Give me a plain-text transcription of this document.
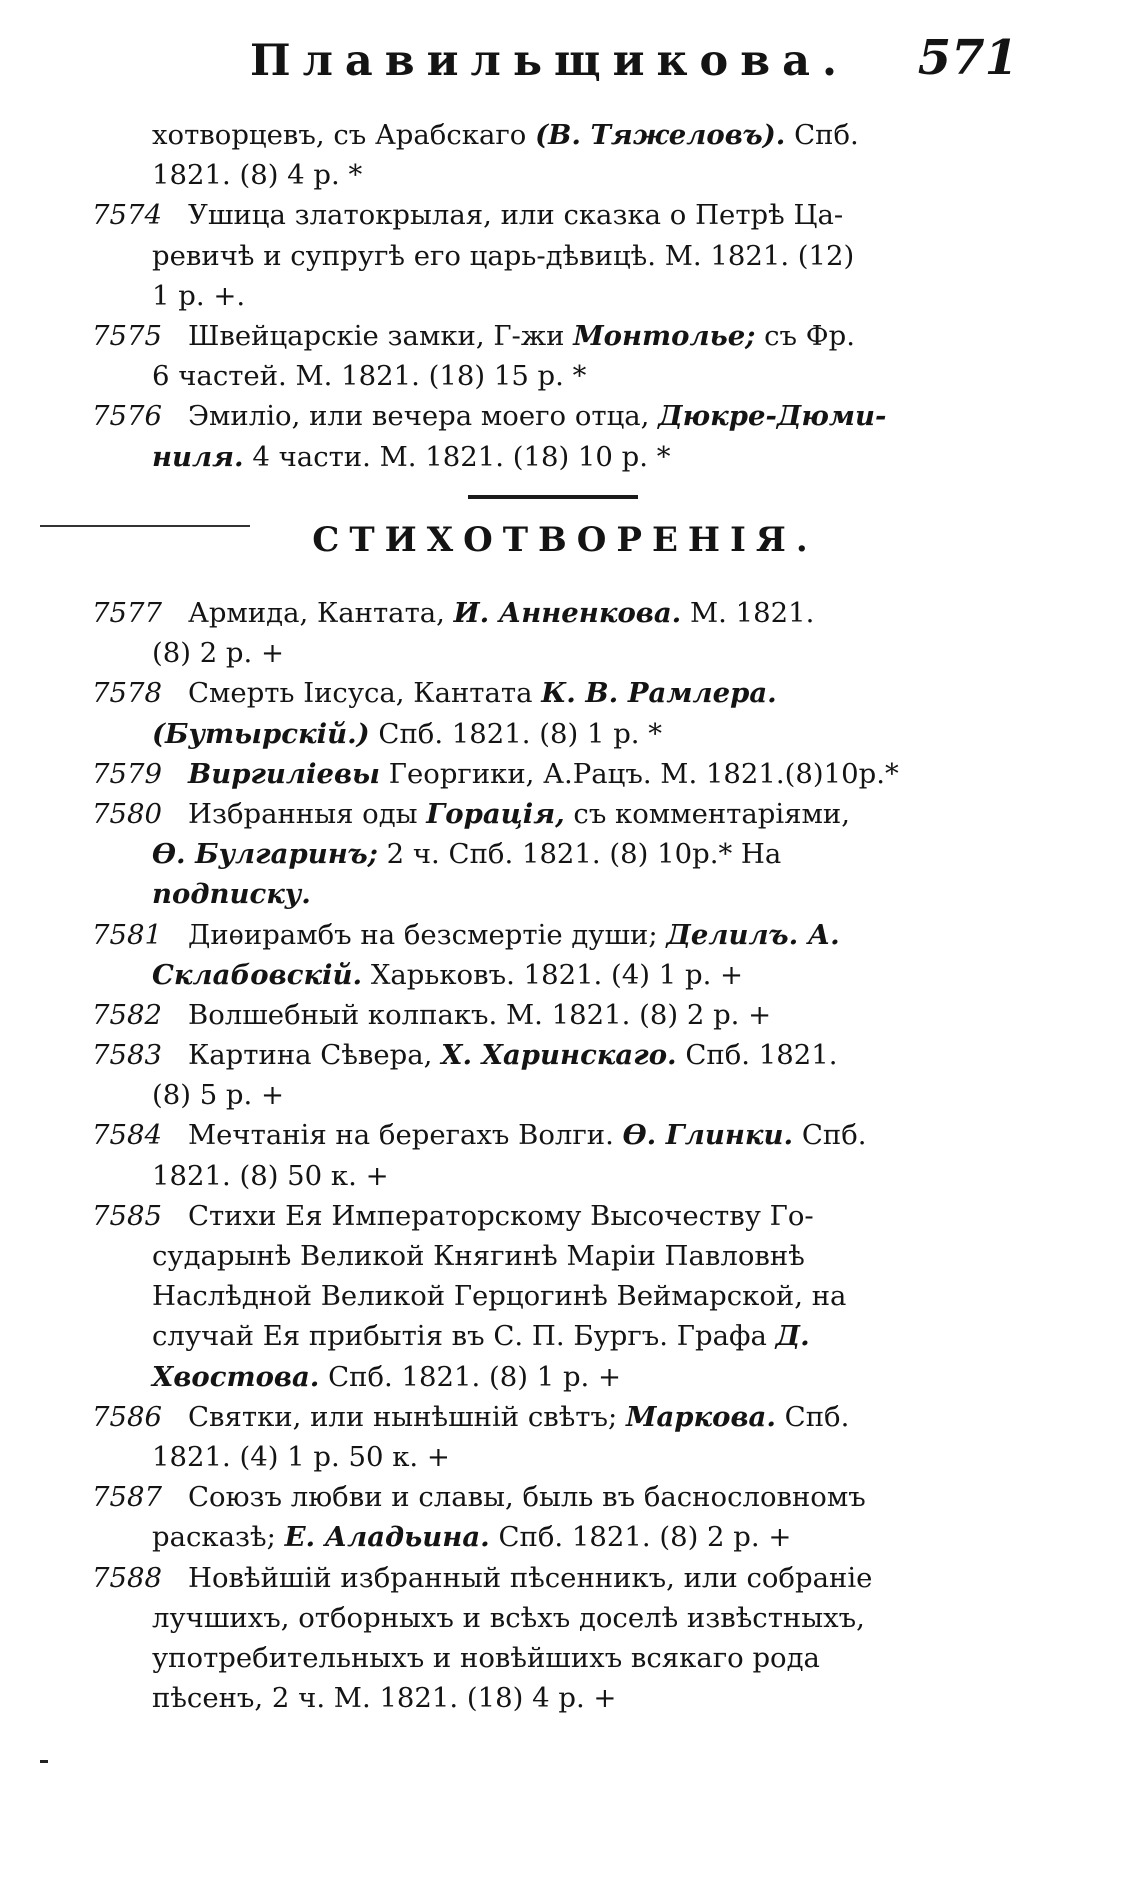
Плавильщикова. 571
хотворцевъ, съ Арабскаго (В. Тяжеловъ). Спб.
1821. (8) 4 р. *
7574 Ушица златокрылая, или сказка о Петрѣ Ца-
ревичѣ и супругѣ его царь-дѣвицѣ. М. 1821. (12)
1 р. +.
7575 Швейцарскіе замки, Г-жи Монтолье; съ Фр.
6 частей. М. 1821. (18) 15 р. *
7576 Эмиліо, или вечера моего отца, Дюкре-Дюми-
ниля. 4 части. М. 1821. (18) 10 р. *
СТИХОТВОРЕНІЯ.
7577 Армида, Кантата, И. Анненкова. М. 1821.
(8) 2 р. +
7578 Смерть Іисуса, Кантата К. В. Рамлера.
(Бутырскій.) Спб. 1821. (8) 1 р. *
7579 Виргиліевы Георгики, А.Рацъ. М. 1821.(8)10р.*
7580 Избранныя оды Горація, съ комментаріями,
Ѳ. Булгаринъ; 2 ч. Спб. 1821. (8) 10р.* На
подписку.
7581 Диѳирамбъ на безсмертіе души; Делилъ. А.
Склабовскій. Харьковъ. 1821. (4) 1 р. +
7582 Волшебный колпакъ. М. 1821. (8) 2 р. +
7583 Картина Сѣвера, Х. Харинскаго. Спб. 1821.
(8) 5 р. +
7584 Мечтанія на берегахъ Волги. Ѳ. Глинки. Спб.
1821. (8) 50 к. +
7585 Стихи Ея Императорскому Высочеству Го-
сударынѣ Великой Княгинѣ Маріи Павловнѣ
Наслѣдной Великой Герцогинѣ Веймарской, на
случай Ея прибытія въ С. П. Бургъ. Графа Д.
Хвостова. Спб. 1821. (8) 1 р. +
7586 Святки, или нынѣшній свѣтъ; Маркова. Спб.
1821. (4) 1 р. 50 к. +
7587 Союзъ любви и славы, быль въ баснословномъ
расказѣ; Е. Аладьина. Спб. 1821. (8) 2 р. +
7588 Новѣйшій избранный пѣсенникъ, или собраніе
лучшихъ, отборныхъ и всѣхъ доселѣ извѣстныхъ,
употребительныхъ и новѣйшихъ всякаго рода
пѣсенъ, 2 ч. М. 1821. (18) 4 р. +
